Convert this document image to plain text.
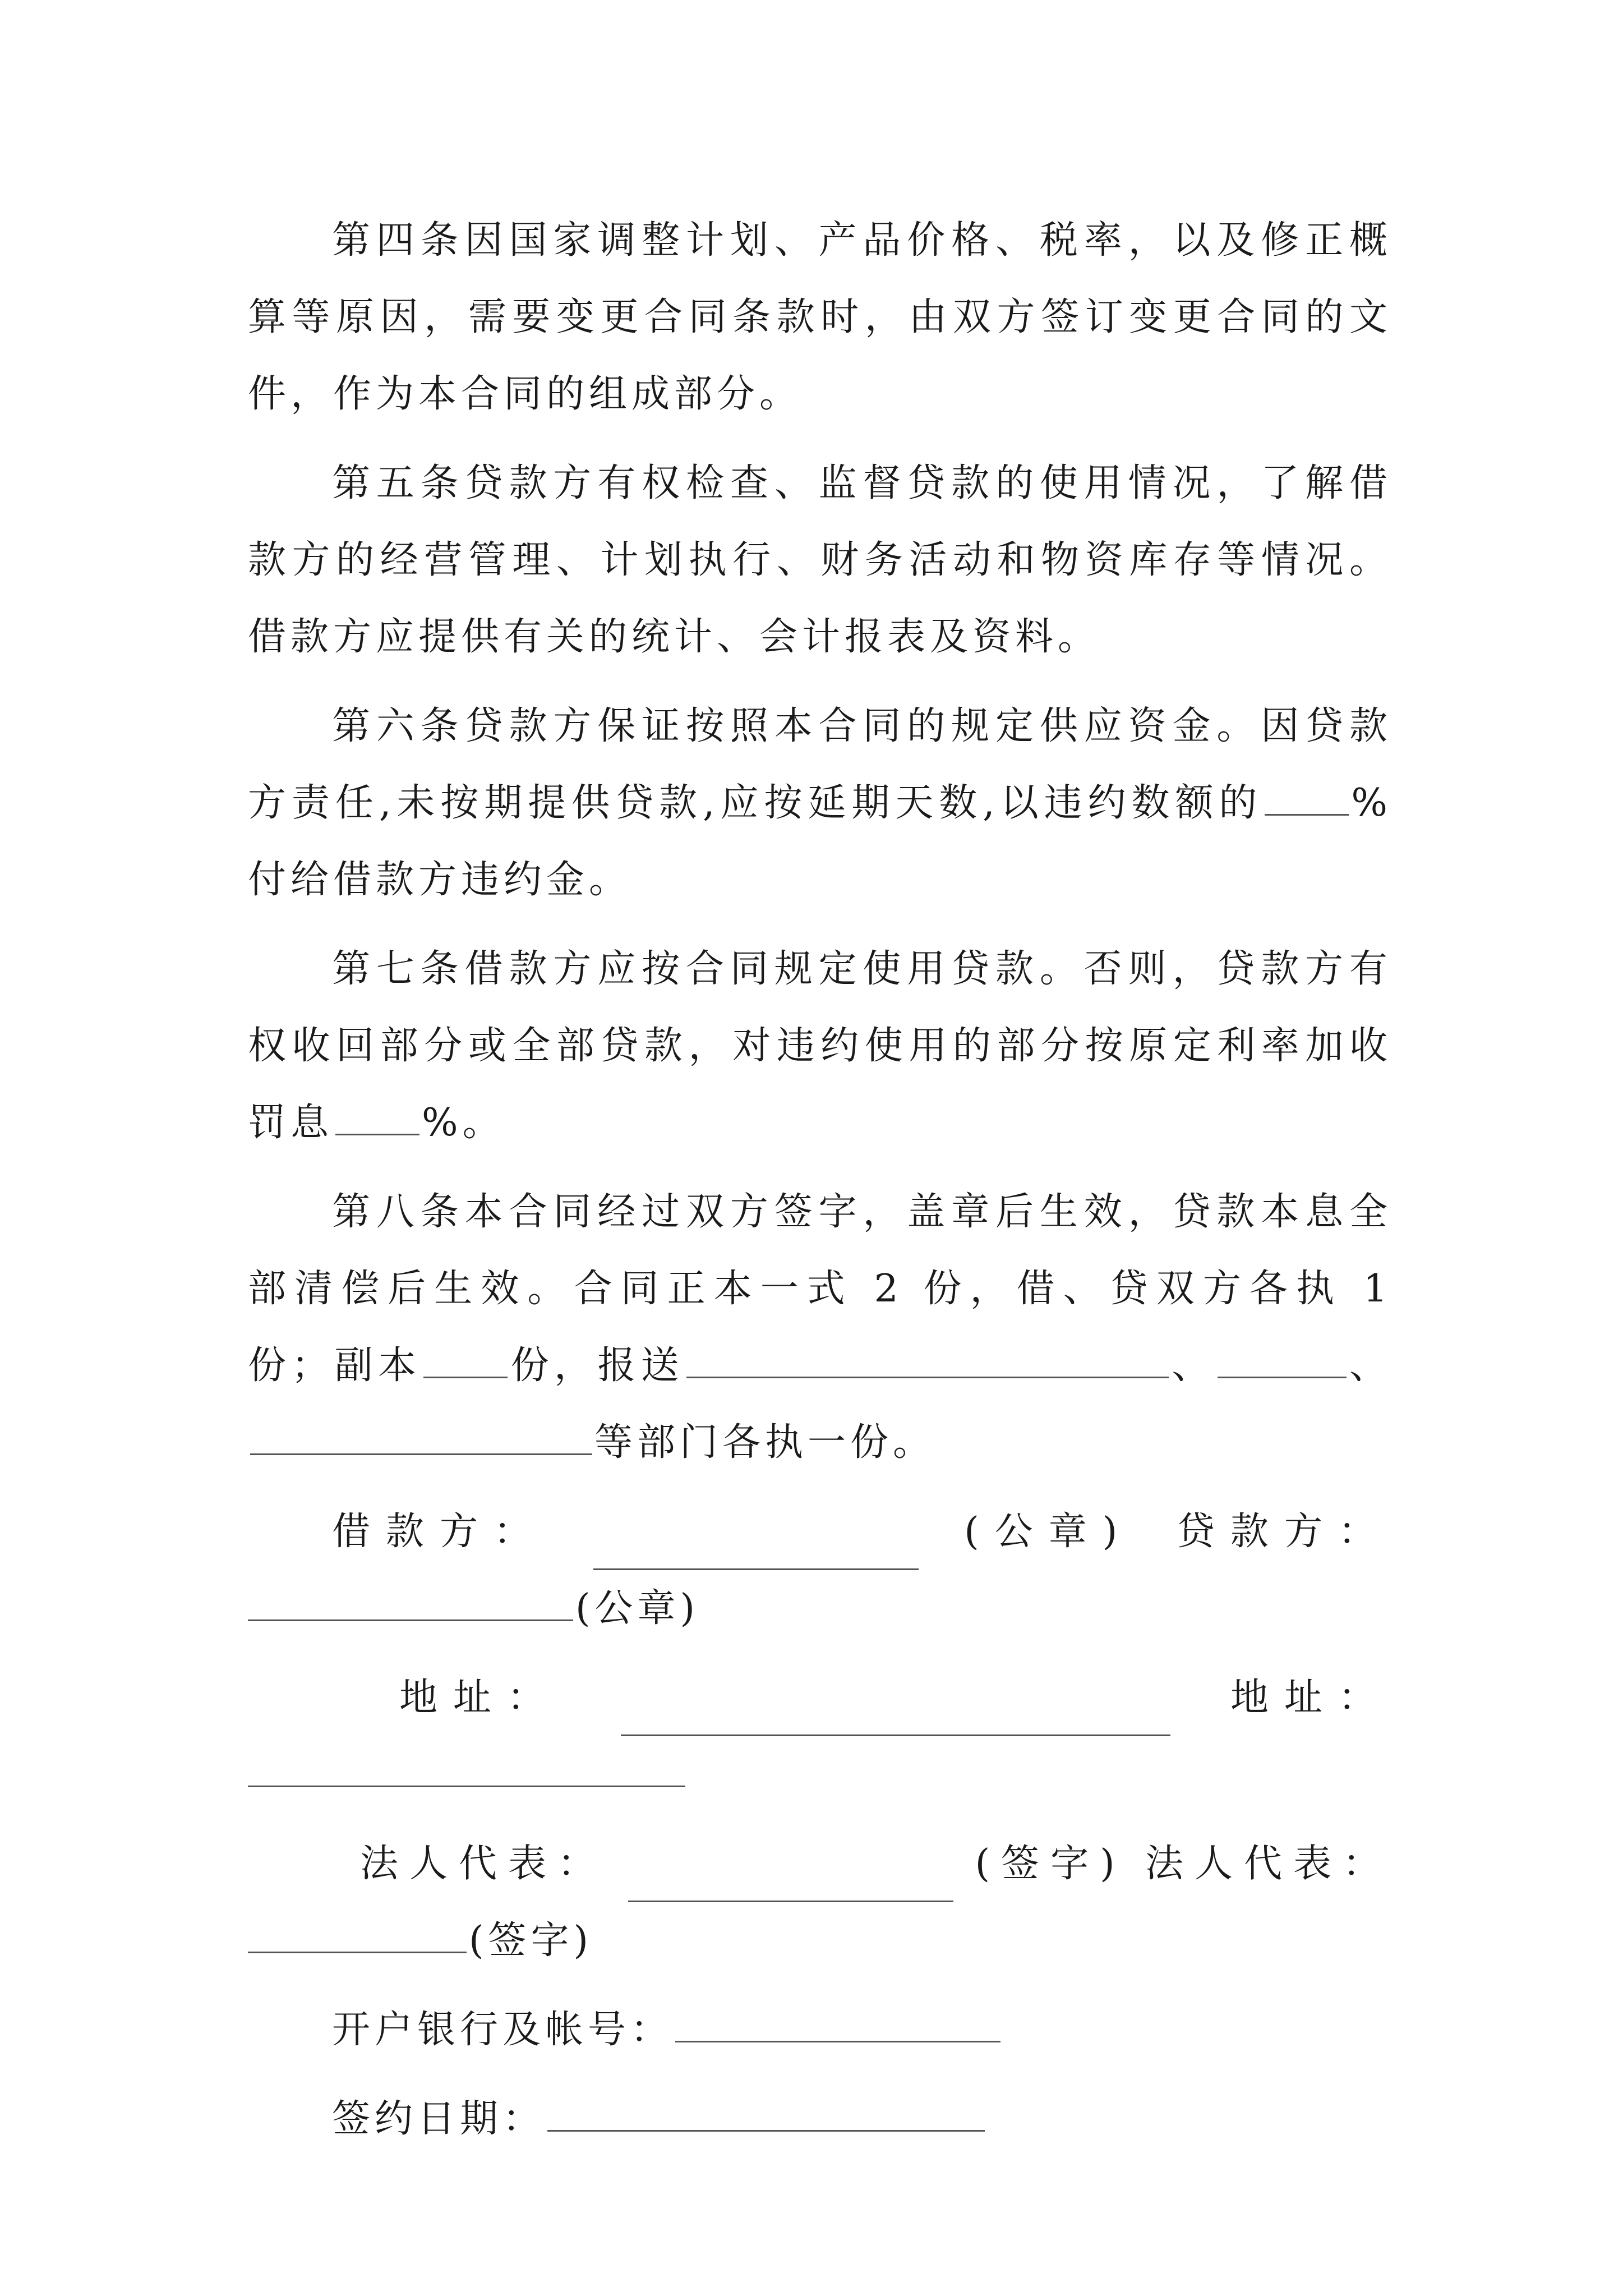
第四条因国家调整计划、产品价格、税率，以及修正概算等原因，需要变更合同条款时，由双方签订变更合同的文件，作为本合同的组成部分。

第五条贷款方有权检查、监督贷款的使用情况，了解借款方的经营管理、计划执行、财务活动和物资库存等情况。借款方应提供有关的统计、会计报表及资料。

第六条贷款方保证按照本合同的规定供应资金。因贷款方责任,未按期提供贷款,应按延期天数,以违约数额的 %付给借款方违约金。

第七条借款方应按合同规定使用贷款。否则，贷款方有权收回部分或全部贷款，对违约使用的部分按原定利率加收罚息 %。

第八条本合同经过双方签字，盖章后生效，贷款本息全部清偿后生效。合同正本一式 2 份，借、贷双方各执 1 份；副本 份，报送	、	、等部门各执一份。

借款方：	(公章) 贷款方：
(公章)
地址：	地址：
法人代表：	(签字) 法人代表：
(签字)
开户银行及帐号：
签约日期：
